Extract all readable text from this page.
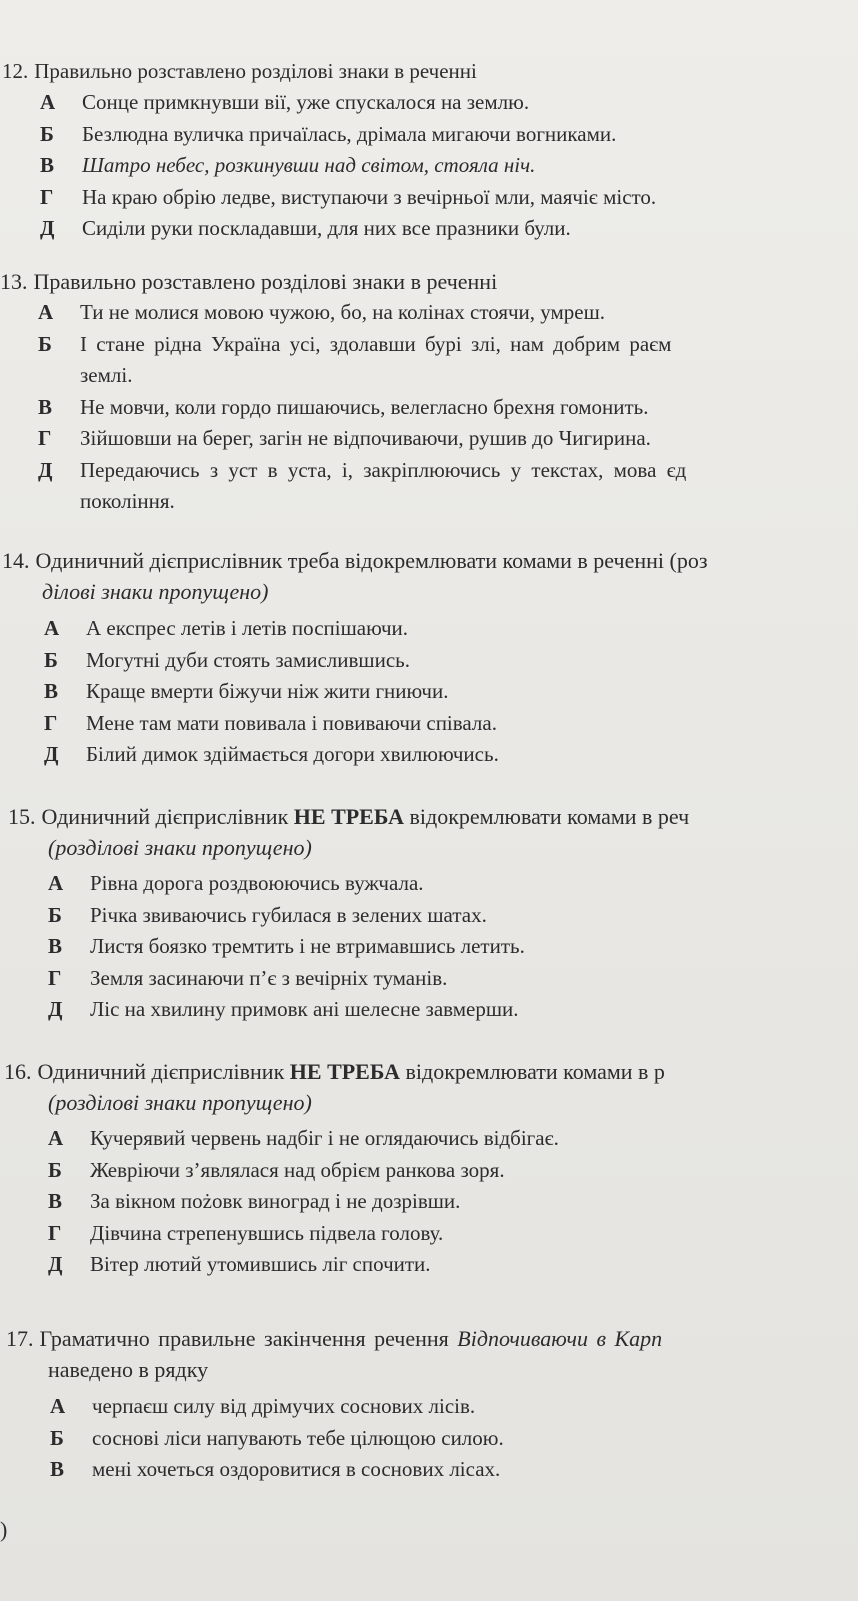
12. Правильно розставлено розділові знаки в реченні
А Сонце примкнувши вії, уже спускалося на землю.
Б Безлюдна вуличка причаїлась, дрімала мигаючи вогниками.
В Шатро небес, розкинувши над світом, стояла ніч.
Г На краю обрію ледве, виступаючи з вечірньої мли, маячіє місто.
Д Сиділи руки поскладавши, для них все празники були.
13. Правильно розставлено розділові знаки в реченні
А Ти не молися мовою чужою, бо, на колінах стоячи, умреш.
Б І стане рідна Україна усі, здолавши бурі злі, нам добрим раєм
землі.
В Не мовчи, коли гордо пишаючись, велегласно брехня гомонить.
Г Зійшовши на берег, загін не відпочиваючи, рушив до Чигирина.
Д Передаючись з уст в уста, і, закріплюючись у текстах, мова єд
покоління.
14. Одиничний дієприслівник треба відокремлювати комами в реченні (роз
ділові знаки пропущено)
А А експрес летів і летів поспішаючи.
Б Могутні дуби стоять замислившись.
В Краще вмерти біжучи ніж жити гниючи.
Г Мене там мати повивала і повиваючи співала.
Д Білий димок здіймається догори хвилюючись.
15. Одиничний дієприслівник НЕ ТРЕБА відокремлювати комами в реч
(розділові знаки пропущено)
А Рівна дорога роздвоюючись вужчала.
Б Річка звиваючись губилася в зелених шатах.
В Листя боязко тремтить і не втримавшись летить.
Г Земля засинаючи п’є з вечірніх туманів.
Д Ліс на хвилину примовк ані шелесне завмерши.
16. Одиничний дієприслівник НЕ ТРЕБА відокремлювати комами в р
(розділові знаки пропущено)
А Кучерявий червень надбіг і не оглядаючись відбігає.
Б Жевріючи з’являлася над обрієм ранкова зоря.
В За вікном поżовк виноград і не дозрівши.
Г Дівчина стрепенувшись підвела голову.
Д Вітер лютий утомившись ліг спочити.
17. Граматично правильне закінчення речення Відпочиваючи в Карп
наведено в рядку
А черпаєш силу від дрімучих соснових лісів.
Б соснові ліси напувають тебе цілющою силою.
В мені хочеться оздоровитися в соснових лісах.
)
